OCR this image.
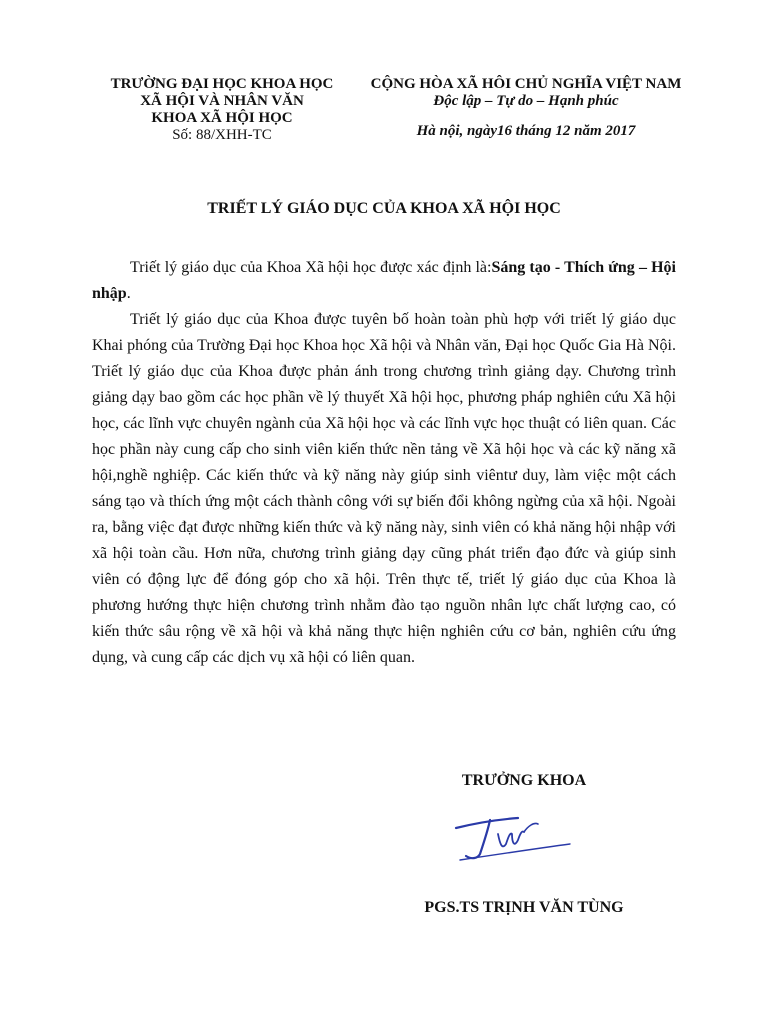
TRƯỜNG ĐẠI HỌC KHOA HỌC
XÃ HỘI VÀ NHÂN VĂN
KHOA XÃ HỘI HỌC
Số: 88/XHH-TC
CỘNG HÒA XÃ HÔI CHỦ NGHĨA VIỆT NAM
Độc lập – Tự do – Hạnh phúc
Hà nội, ngày16 tháng 12 năm 2017
TRIẾT LÝ GIÁO DỤC CỦA KHOA XÃ HỘI HỌC

Triết lý giáo dục của Khoa Xã hội học được xác định là:Sáng tạo - Thích ứng – Hội nhập.

Triết lý giáo dục của Khoa được tuyên bố hoàn toàn phù hợp với triết lý giáo dục Khai phóng của Trường Đại học Khoa học Xã hội và Nhân văn, Đại học Quốc Gia Hà Nội. Triết lý giáo dục của Khoa được phản ánh trong chương trình giảng dạy. Chương trình giảng dạy bao gồm các học phần về lý thuyết Xã hội học, phương pháp nghiên cứu Xã hội học, các lĩnh vực chuyên ngành của Xã hội học và các lĩnh vực học thuật có liên quan. Các học phần này cung cấp cho sinh viên kiến thức nền tảng về Xã hội học và các kỹ năng xã hội,nghề nghiệp. Các kiến thức và kỹ năng này giúp sinh viêntư duy, làm việc một cách sáng tạo và thích ứng một cách thành công với sự biến đổi không ngừng của xã hội. Ngoài ra, bằng việc đạt được những kiến thức và kỹ năng này, sinh viên có khả năng hội nhập với xã hội toàn cầu. Hơn nữa, chương trình giảng dạy cũng phát triển đạo đức và giúp sinh viên có động lực để đóng góp cho xã hội. Trên thực tế, triết lý giáo dục của Khoa là phương hướng thực hiện chương trình nhằm đào tạo nguồn nhân lực chất lượng cao, có kiến thức sâu rộng về xã hội và khả năng thực hiện nghiên cứu cơ bản, nghiên cứu ứng dụng, và cung cấp các dịch vụ xã hội có liên quan.

TRƯỞNG KHOA
PGS.TS TRỊNH VĂN TÙNG
